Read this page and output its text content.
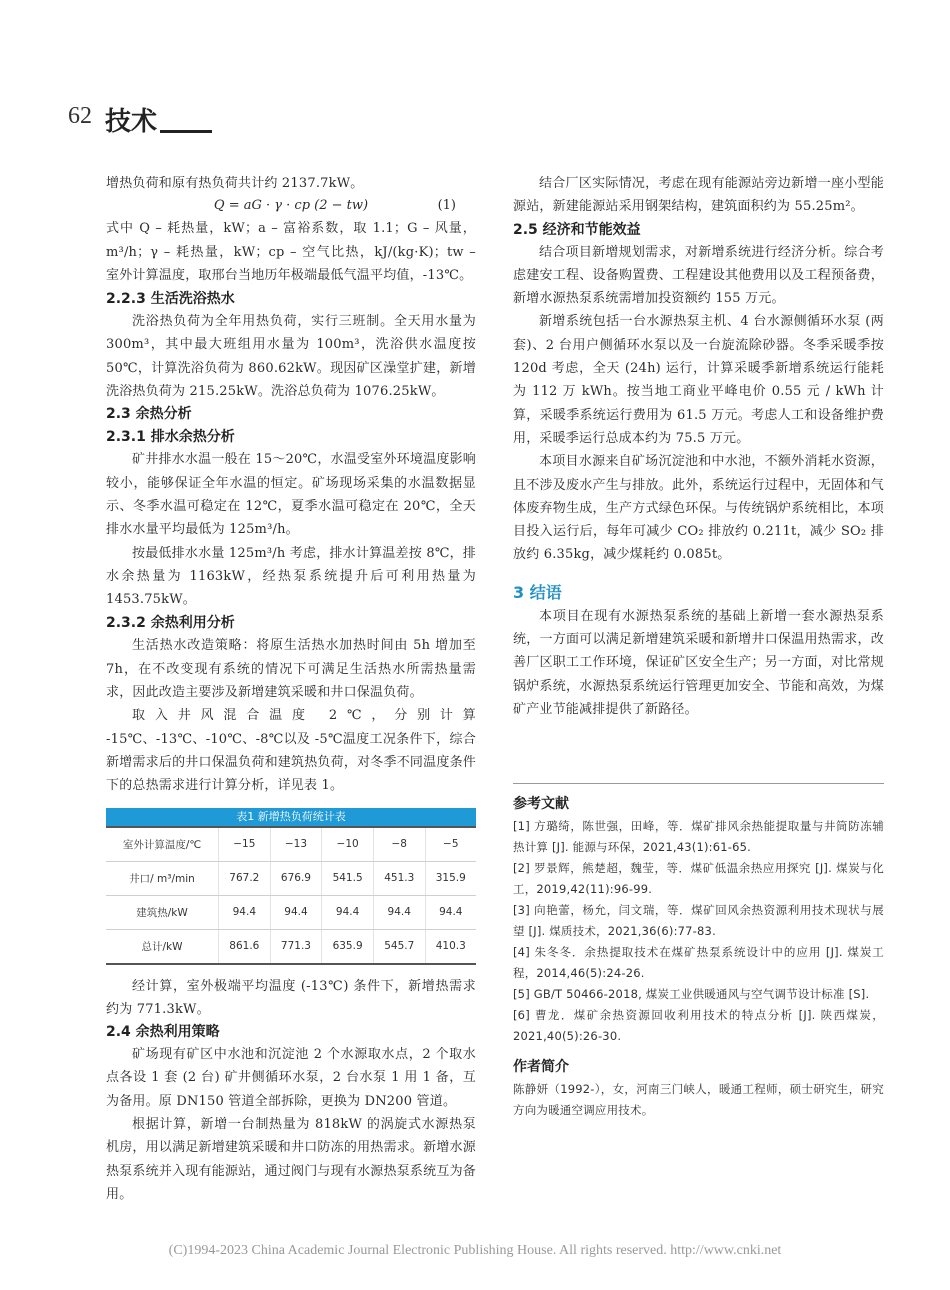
62 技术

增热负荷和原有热负荷共计约 2137.7kW。

Q = aG · γ · cp (2 − tw)	(1)

式中 Q – 耗热量，kW；a – 富裕系数，取 1.1；G – 风量，m³/h；γ – 耗热量，kW；cp – 空气比热，kJ/(kg·K)；tw – 室外计算温度，取邢台当地历年极端最低气温平均值，-13℃。

2.2.3 生活洗浴热水

洗浴热负荷为全年用热负荷，实行三班制。全天用水量为 300m³，其中最大班组用水量为 100m³，洗浴供水温度按 50℃，计算洗浴负荷为 860.62kW。现因矿区澡堂扩建，新增洗浴热负荷为 215.25kW。洗浴总负荷为 1076.25kW。

2.3 余热分析
2.3.1 排水余热分析

矿井排水水温一般在 15～20℃，水温受室外环境温度影响较小，能够保证全年水温的恒定。矿场现场采集的水温数据显示、冬季水温可稳定在 12℃，夏季水温可稳定在 20℃，全天排水水量平均最低为 125m³/h。

按最低排水水量 125m³/h 考虑，排水计算温差按 8℃，排水余热量为 1163kW，经热泵系统提升后可利用热量为 1453.75kW。

2.3.2 余热利用分析

生活热水改造策略：将原生活热水加热时间由 5h 增加至 7h，在不改变现有系统的情况下可满足生活热水所需热量需求，因此改造主要涉及新增建筑采暖和井口保温负荷。

取入井风混合温度 2℃，分别计算 -15℃、-13℃、-10℃、-8℃以及 -5℃温度工况条件下，综合新增需求后的井口保温负荷和建筑热负荷，对冬季不同温度条件下的总热需求进行计算分析，详见表 1。

表1 新增热负荷统计表
室外计算温度/℃	−15	−13	−10	−8	−5
井口/ m³/min	767.2	676.9	541.5	451.3	315.9
建筑热/kW	94.4	94.4	94.4	94.4	94.4
总计/kW	861.6	771.3	635.9	545.7	410.3

经计算，室外极端平均温度 (-13℃) 条件下，新增热需求约为 771.3kW。

2.4 余热利用策略

矿场现有矿区中水池和沉淀池 2 个水源取水点，2 个取水点各设 1 套 (2 台) 矿井侧循环水泵，2 台水泵 1 用 1 备，互为备用。原 DN150 管道全部拆除，更换为 DN200 管道。

根据计算，新增一台制热量为 818kW 的涡旋式水源热泵机房，用以满足新增建筑采暖和井口防冻的用热需求。新增水源热泵系统并入现有能源站，通过阀门与现有水源热泵系统互为备用。

结合厂区实际情况，考虑在现有能源站旁边新增一座小型能源站，新建能源站采用钢架结构，建筑面积约为 55.25m²。

2.5 经济和节能效益

结合项目新增规划需求，对新增系统进行经济分析。综合考虑建安工程、设备购置费、工程建设其他费用以及工程预备费，新增水源热泵系统需增加投资额约 155 万元。

新增系统包括一台水源热泵主机、4 台水源侧循环水泵 (两套)、2 台用户侧循环水泵以及一台旋流除砂器。冬季采暖季按 120d 考虑，全天 (24h) 运行，计算采暖季新增系统运行能耗为 112 万 kWh。按当地工商业平峰电价 0.55 元 / kWh 计算，采暖季系统运行费用为 61.5 万元。考虑人工和设备维护费用，采暖季运行总成本约为 75.5 万元。

本项目水源来自矿场沉淀池和中水池，不额外消耗水资源，且不涉及废水产生与排放。此外，系统运行过程中，无固体和气体废弃物生成，生产方式绿色环保。与传统锅炉系统相比，本项目投入运行后，每年可减少 CO₂ 排放约 0.211t，减少 SO₂ 排放约 6.35kg，减少煤耗约 0.085t。

3 结语

本项目在现有水源热泵系统的基础上新增一套水源热泵系统，一方面可以满足新增建筑采暖和新增井口保温用热需求，改善厂区职工工作环境，保证矿区安全生产；另一方面，对比常规锅炉系统，水源热泵系统运行管理更加安全、节能和高效，为煤矿产业节能减排提供了新路径。

参考文献

[1] 方璐绮，陈世强，田峰，等．煤矿排风余热能提取量与井筒防冻辅热计算 [J]. 能源与环保，2021,43(1):61-65.

[2] 罗景辉，熊楚超，魏莹，等．煤矿低温余热应用探究 [J]. 煤炭与化工，2019,42(11):96-99.

[3] 向艳蕾，杨允，闫文瑞，等．煤矿回风余热资源利用技术现状与展望 [J]. 煤质技术，2021,36(6):77-83.

[4] 朱冬冬．余热提取技术在煤矿热泵系统设计中的应用 [J]. 煤炭工程，2014,46(5):24-26.

[5] GB/T 50466-2018, 煤炭工业供暖通风与空气调节设计标准 [S].

[6] 曹龙．煤矿余热资源回收利用技术的特点分析 [J]. 陕西煤炭，2021,40(5):26-30.

作者简介

陈静妍（1992-），女，河南三门峡人，暖通工程师，硕士研究生，研究方向为暖通空调应用技术。

(C)1994-2023 China Academic Journal Electronic Publishing House. All rights reserved. http://www.cnki.net
